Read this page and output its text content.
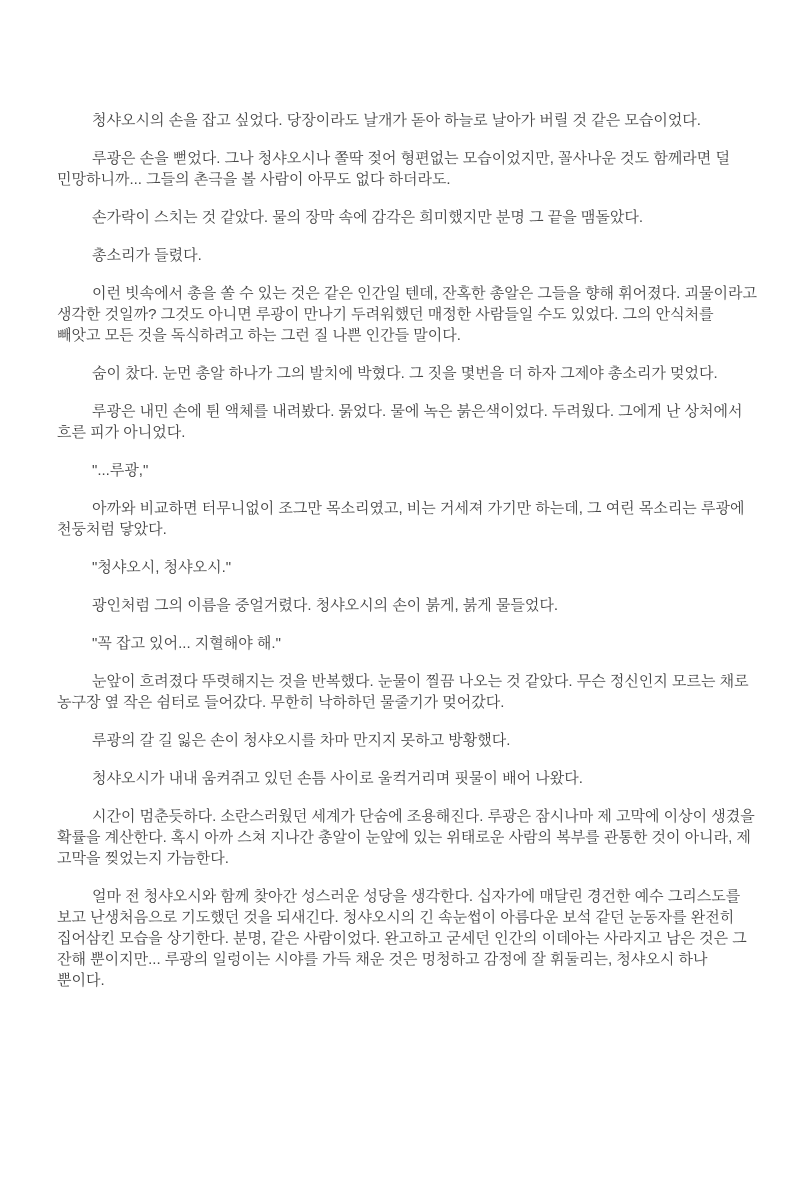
청샤오시의 손을 잡고 싶었다. 당장이라도 날개가 돋아 하늘로 날아가 버릴 것 같은 모습이었다.

루광은 손을 뻗었다. 그나 청샤오시나 쫄딱 젖어 형편없는 모습이었지만, 꼴사나운 것도 함께라면 덜 민망하니까... 그들의 촌극을 볼 사람이 아무도 없다 하더라도.

손가락이 스치는 것 같았다. 물의 장막 속에 감각은 희미했지만 분명 그 끝을 맴돌았다.

총소리가 들렸다.

이런 빗속에서 총을 쏠 수 있는 것은 같은 인간일 텐데, 잔혹한 총알은 그들을 향해 휘어졌다. 괴물이라고 생각한 것일까? 그것도 아니면 루광이 만나기 두려워했던 매정한 사람들일 수도 있었다. 그의 안식처를 빼앗고 모든 것을 독식하려고 하는 그런 질 나쁜 인간들 말이다.

숨이 찼다. 눈먼 총알 하나가 그의 발치에 박혔다. 그 짓을 몇번을 더 하자 그제야 총소리가 멎었다.

루광은 내민 손에 튄 액체를 내려봤다. 묽었다. 물에 녹은 붉은색이었다. 두려웠다. 그에게 난 상처에서 흐른 피가 아니었다.

"...루광,"

아까와 비교하면 터무니없이 조그만 목소리였고, 비는 거세져 가기만 하는데, 그 여린 목소리는 루광에 천둥처럼 닿았다.

"청샤오시, 청샤오시."

광인처럼 그의 이름을 중얼거렸다. 청샤오시의 손이 붉게, 붉게 물들었다.

"꼭 잡고 있어... 지혈해야 해."

눈앞이 흐려졌다 뚜렷해지는 것을 반복했다. 눈물이 찔끔 나오는 것 같았다. 무슨 정신인지 모르는 채로 농구장 옆 작은 쉼터로 들어갔다. 무한히 낙하하던 물줄기가 멎어갔다.

루광의 갈 길 잃은 손이 청샤오시를 차마 만지지 못하고 방황했다.

청샤오시가 내내 움켜쥐고 있던 손틈 사이로 울컥거리며 핏물이 배어 나왔다.

시간이 멈춘듯하다. 소란스러웠던 세계가 단숨에 조용해진다. 루광은 잠시나마 제 고막에 이상이 생겼을 확률을 계산한다. 혹시 아까 스쳐 지나간 총알이 눈앞에 있는 위태로운 사람의 복부를 관통한 것이 아니라, 제 고막을 찢었는지 가늠한다.

얼마 전 청샤오시와 함께 찾아간 성스러운 성당을 생각한다. 십자가에 매달린 경건한 예수 그리스도를 보고 난생처음으로 기도했던 것을 되새긴다. 청샤오시의 긴 속눈썹이 아름다운 보석 같던 눈동자를 완전히 집어삼킨 모습을 상기한다. 분명, 같은 사람이었다. 완고하고 굳세던 인간의 이데아는 사라지고 남은 것은 그 잔해 뿐이지만... 루광의 일렁이는 시야를 가득 채운 것은 멍청하고 감정에 잘 휘둘리는, 청샤오시 하나 뿐이다.
